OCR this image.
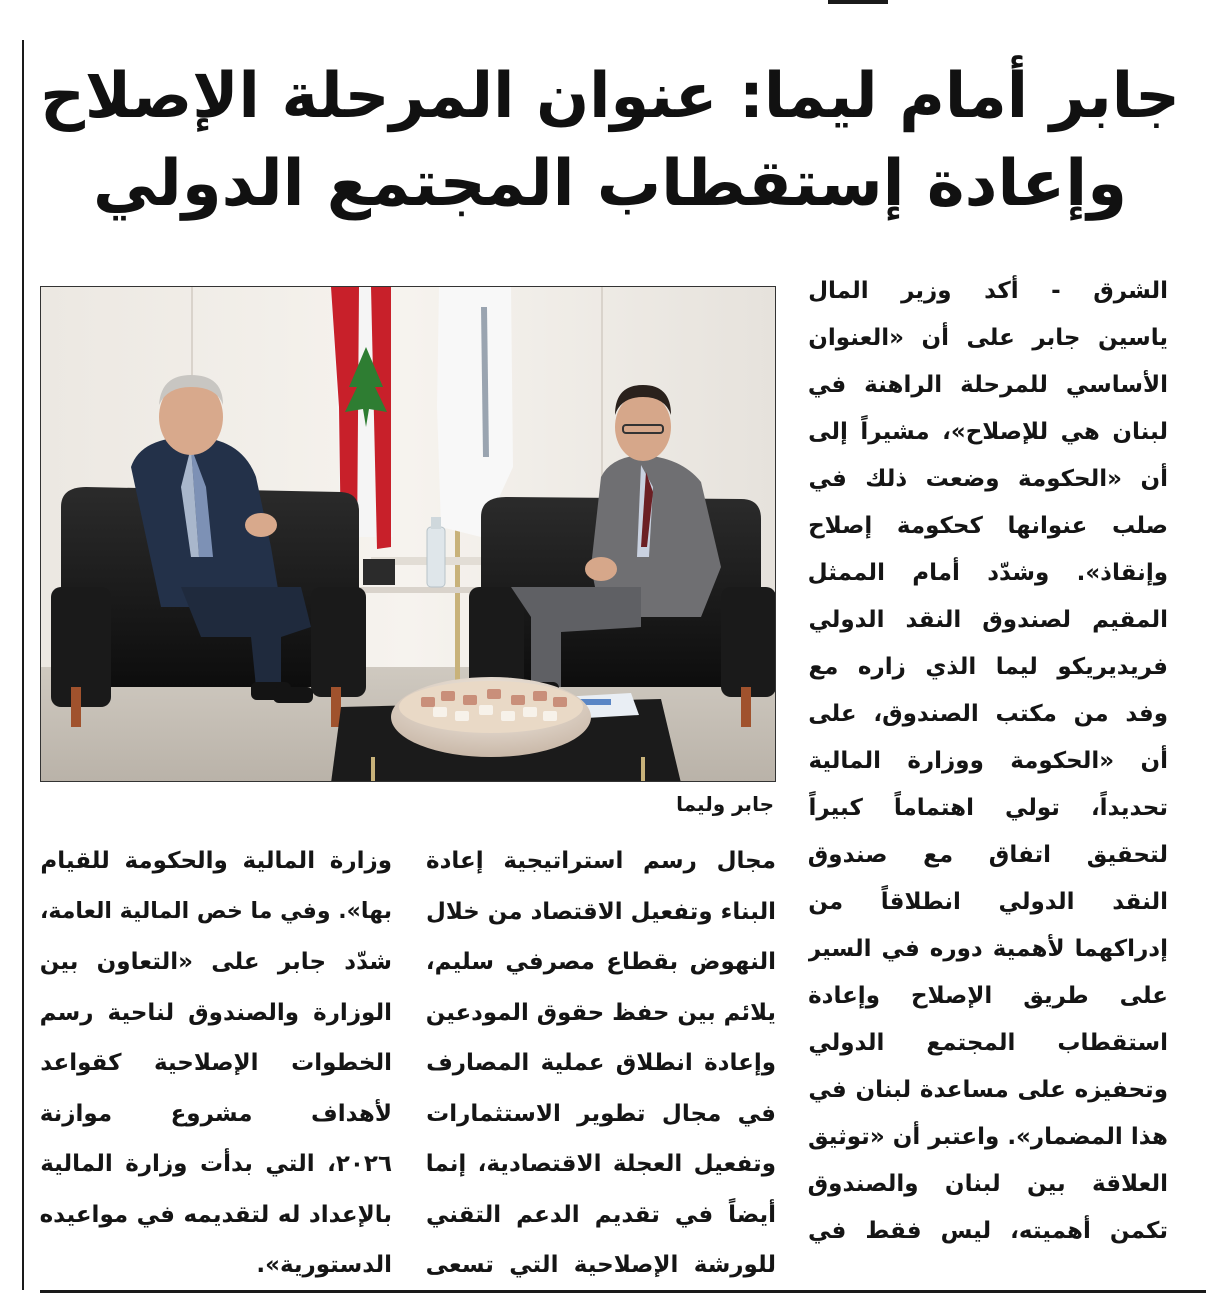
جابر أمام ليما: عنوان المرحلة الإصلاح
وإعادة إستقطاب المجتمع الدولي
جابر وليما
الشرق - أكد وزير المال
ياسين جابر على أن «العنوان
الأساسي للمرحلة الراهنة في
لبنان هي للإصلاح»، مشيراً إلى
أن «الحكومة وضعت ذلك في
صلب عنوانها كحكومة إصلاح
وإنقاذ». وشدّد أمام الممثل
المقيم لصندوق النقد الدولي
فريديريكو ليما الذي زاره مع
وفد من مكتب الصندوق، على
أن «الحكومة ووزارة المالية
تحديداً، تولي اهتماماً كبيراً
لتحقيق اتفاق مع صندوق
النقد الدولي انطلاقاً من
إدراكهما لأهمية دوره في السير
على طريق الإصلاح وإعادة
استقطاب المجتمع الدولي
وتحفيزه على مساعدة لبنان في
هذا المضمار». واعتبر أن «توثيق
العلاقة بين لبنان والصندوق
تكمن أهميته، ليس فقط في
مجال رسم استراتيجية إعادة
البناء وتفعيل الاقتصاد من خلال
النهوض بقطاع مصرفي سليم،
يلائم بين حفظ حقوق المودعين
وإعادة انطلاق عملية المصارف
في مجال تطوير الاستثمارات
وتفعيل العجلة الاقتصادية، إنما
أيضاً في تقديم الدعم التقني
للورشة الإصلاحية التي تسعى
وزارة المالية والحكومة للقيام
بها». وفي ما خص المالية العامة،
شدّد جابر على «التعاون بين
الوزارة والصندوق لناحية رسم
الخطوات الإصلاحية كقواعد
لأهداف مشروع موازنة
٢٠٢٦، التي بدأت وزارة المالية
بالإعداد له لتقديمه في مواعيده
الدستورية».
